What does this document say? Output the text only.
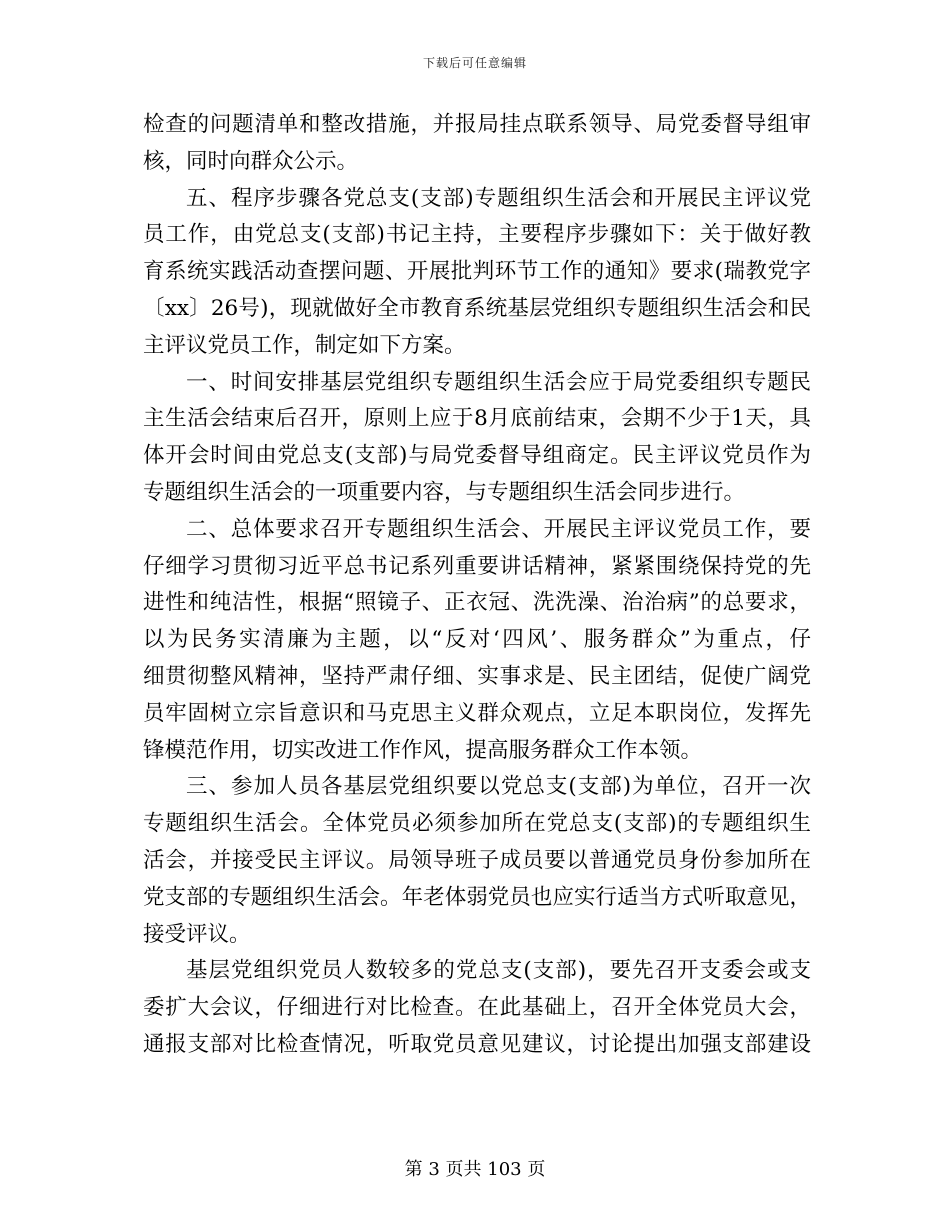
下载后可任意编辑
检查的问题清单和整改措施，并报局挂点联系领导、局党委督导组审
核，同时向群众公示。
五、程序步骤各党总支(支部)专题组织生活会和开展民主评议党
员工作，由党总支(支部)书记主持，主要程序步骤如下：关于做好教
育系统实践活动查摆问题、开展批判环节工作的通知》要求(瑞教党字
〔xx〕26号)，现就做好全市教育系统基层党组织专题组织生活会和民
主评议党员工作，制定如下方案。
一、时间安排基层党组织专题组织生活会应于局党委组织专题民
主生活会结束后召开，原则上应于8月底前结束，会期不少于1天，具
体开会时间由党总支(支部)与局党委督导组商定。民主评议党员作为
专题组织生活会的一项重要内容，与专题组织生活会同步进行。
二、总体要求召开专题组织生活会、开展民主评议党员工作，要
仔细学习贯彻习近平总书记系列重要讲话精神，紧紧围绕保持党的先
进性和纯洁性，根据“照镜子、正衣冠、洗洗澡、治治病”的总要求，
以为民务实清廉为主题，以“反对‘四风’、服务群众”为重点，仔
细贯彻整风精神，坚持严肃仔细、实事求是、民主团结，促使广阔党
员牢固树立宗旨意识和马克思主义群众观点，立足本职岗位，发挥先
锋模范作用，切实改进工作作风，提高服务群众工作本领。
三、参加人员各基层党组织要以党总支(支部)为单位，召开一次
专题组织生活会。全体党员必须参加所在党总支(支部)的专题组织生
活会，并接受民主评议。局领导班子成员要以普通党员身份参加所在
党支部的专题组织生活会。年老体弱党员也应实行适当方式听取意见，
接受评议。
基层党组织党员人数较多的党总支(支部)，要先召开支委会或支
委扩大会议，仔细进行对比检查。在此基础上，召开全体党员大会，
通报支部对比检查情况，听取党员意见建议，讨论提出加强支部建设
第 3 页共 103 页
